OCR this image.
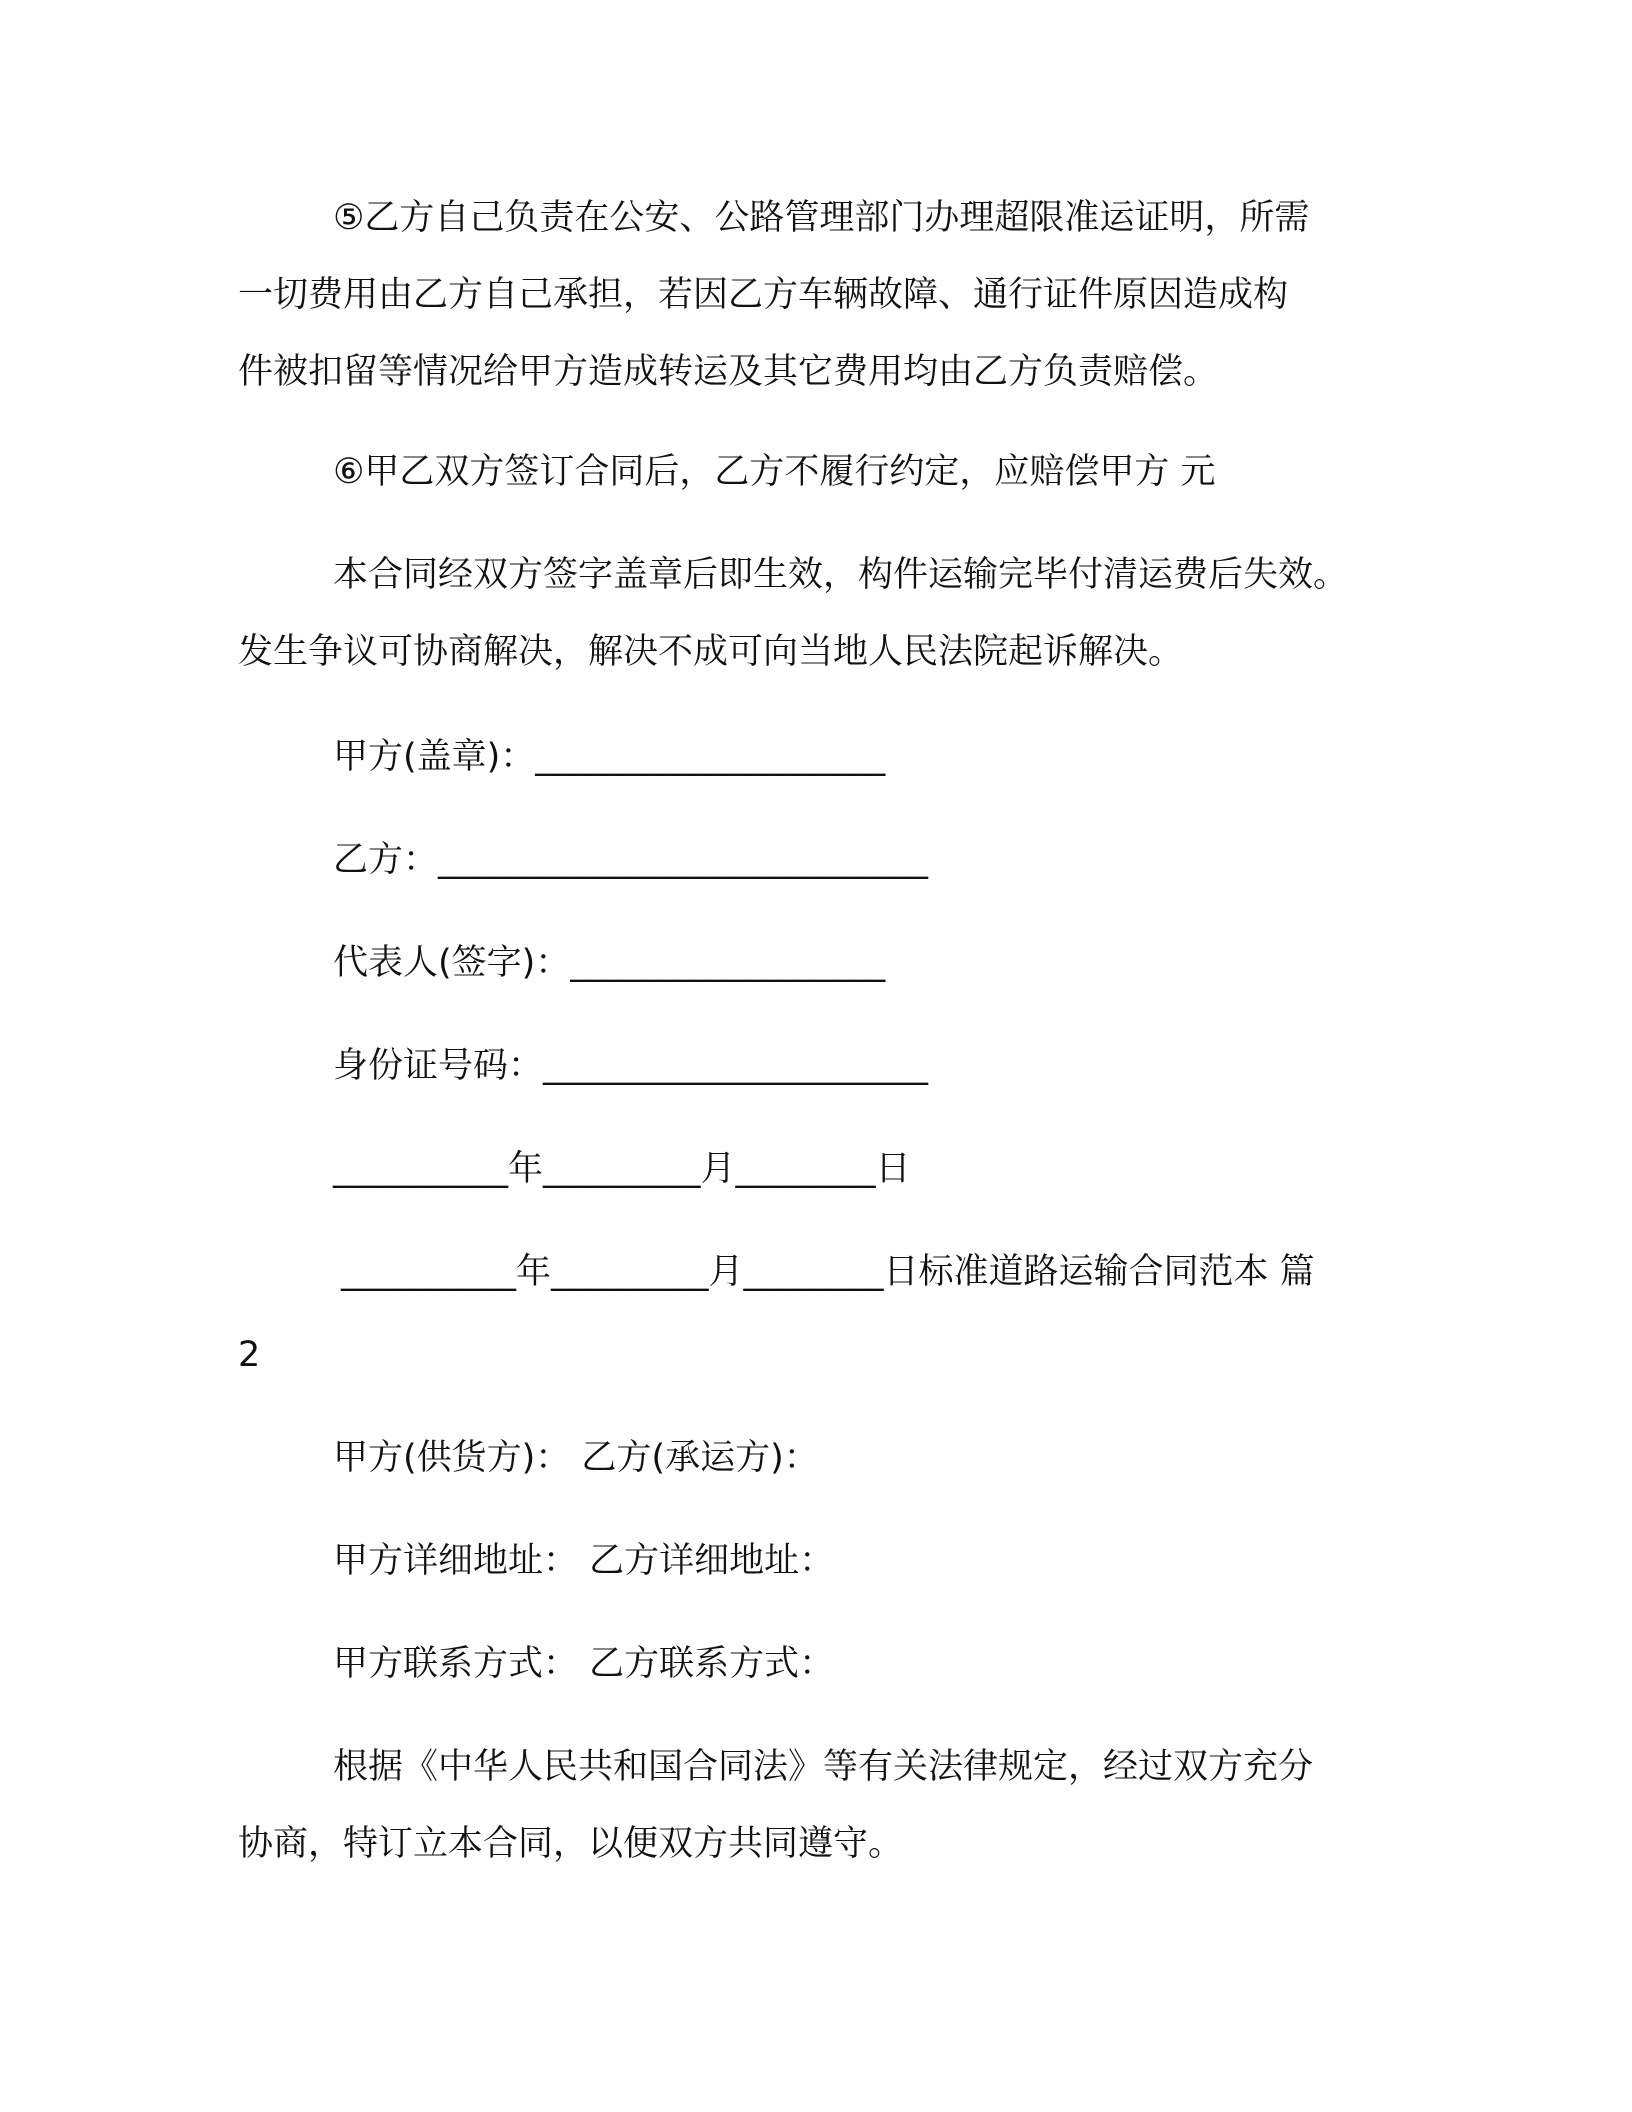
⑤乙方自己负责在公安、公路管理部门办理超限准运证明，所需
一切费用由乙方自己承担，若因乙方车辆故障、通行证件原因造成构
件被扣留等情况给甲方造成转运及其它费用均由乙方负责赔偿。
⑥甲乙双方签订合同后，乙方不履行约定，应赔偿甲方 元
本合同经双方签字盖章后即生效，构件运输完毕付清运费后失效。
发生争议可协商解决，解决不成可向当地人民法院起诉解决。
甲方(盖章)：____________________
乙方：____________________________
代表人(签字)：__________________
身份证号码：______________________
__________年_________月________日
__________年_________月________日标准道路运输合同范本 篇
2
甲方(供货方)： 乙方(承运方)：
甲方详细地址： 乙方详细地址：
甲方联系方式： 乙方联系方式：
根据《中华人民共和国合同法》等有关法律规定，经过双方充分
协商，特订立本合同，以便双方共同遵守。
